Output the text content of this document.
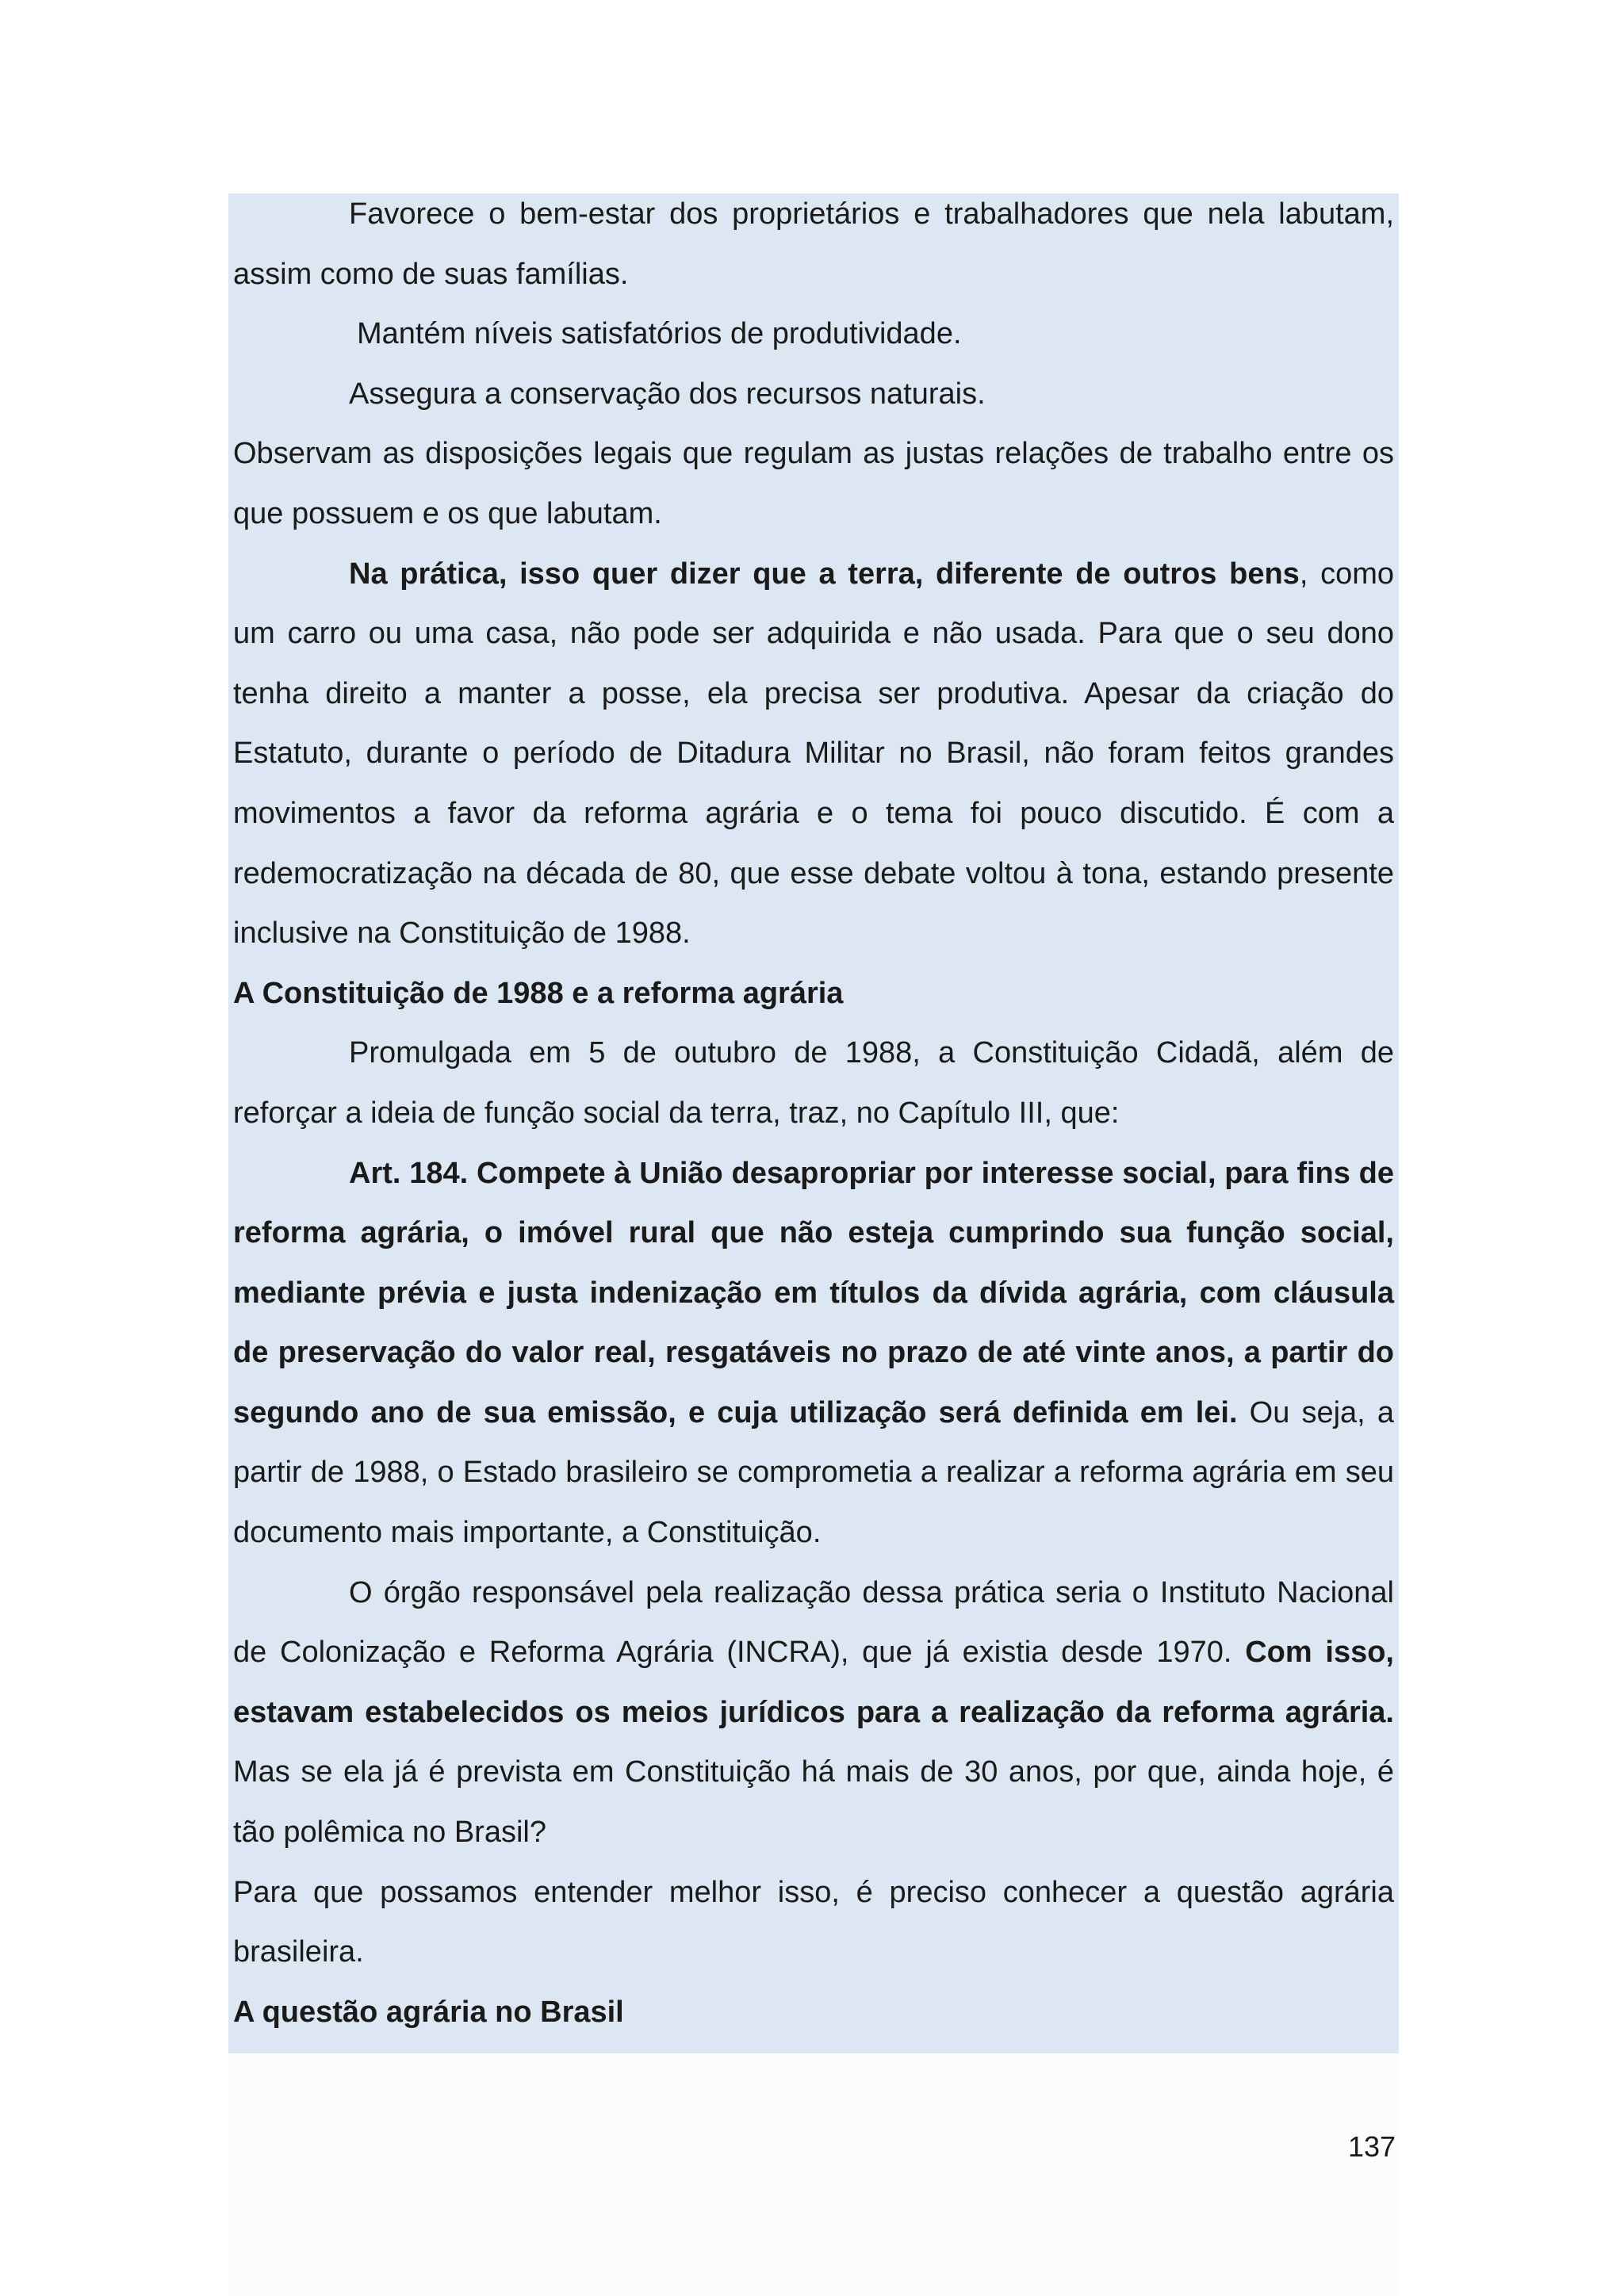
Favorece o bem-estar dos proprietários e trabalhadores que nela labutam, assim como de suas famílias.

Mantém níveis satisfatórios de produtividade.

Assegura a conservação dos recursos naturais.

Observam as disposições legais que regulam as justas relações de trabalho entre os que possuem e os que labutam.

Na prática, isso quer dizer que a terra, diferente de outros bens, como um carro ou uma casa, não pode ser adquirida e não usada. Para que o seu dono tenha direito a manter a posse, ela precisa ser produtiva. Apesar da criação do Estatuto, durante o período de Ditadura Militar no Brasil, não foram feitos grandes movimentos a favor da reforma agrária e o tema foi pouco discutido. É com a redemocratização na década de 80, que esse debate voltou à tona, estando presente inclusive na Constituição de 1988.

A Constituição de 1988 e a reforma agrária

Promulgada em 5 de outubro de 1988, a Constituição Cidadã, além de reforçar a ideia de função social da terra, traz, no Capítulo III, que:

Art. 184. Compete à União desapropriar por interesse social, para fins de reforma agrária, o imóvel rural que não esteja cumprindo sua função social, mediante prévia e justa indenização em títulos da dívida agrária, com cláusula de preservação do valor real, resgatáveis no prazo de até vinte anos, a partir do segundo ano de sua emissão, e cuja utilização será definida em lei. Ou seja, a partir de 1988, o Estado brasileiro se comprometia a realizar a reforma agrária em seu documento mais importante, a Constituição.

O órgão responsável pela realização dessa prática seria o Instituto Nacional de Colonização e Reforma Agrária (INCRA), que já existia desde 1970. Com isso, estavam estabelecidos os meios jurídicos para a realização da reforma agrária. Mas se ela já é prevista em Constituição há mais de 30 anos, por que, ainda hoje, é tão polêmica no Brasil?

Para que possamos entender melhor isso, é preciso conhecer a questão agrária brasileira.

A questão agrária no Brasil

137
